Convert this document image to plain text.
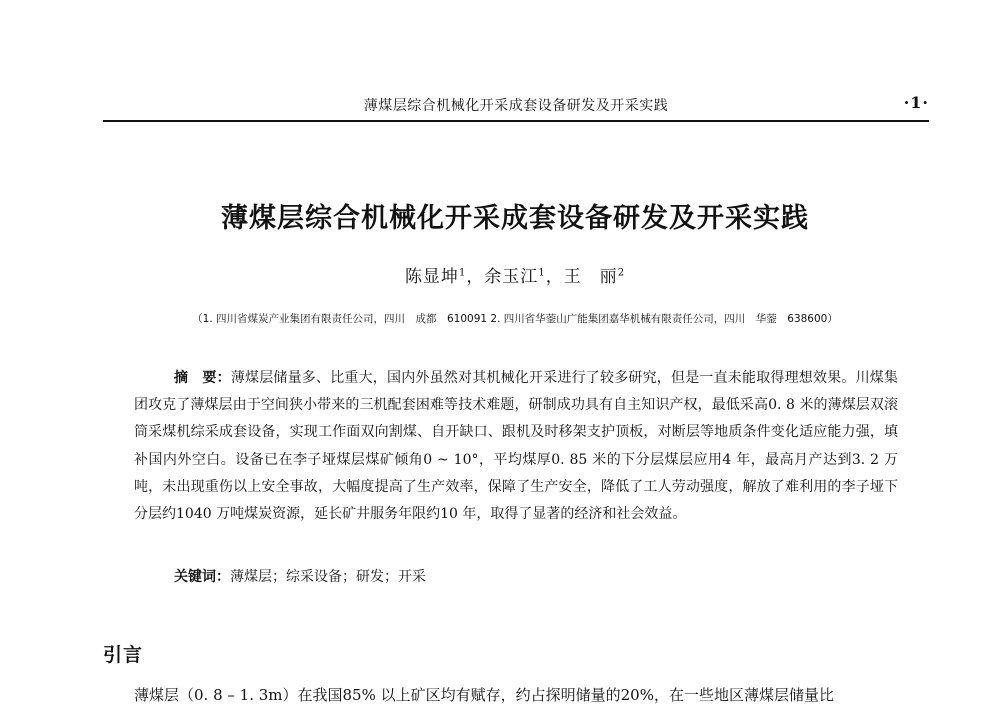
薄煤层综合机械化开采成套设备研发及开采实践	·1·
薄煤层综合机械化开采成套设备研发及开采实践
陈显坤$^1$，余玉江$^1$，王　丽$^2$
（1. 四川省煤炭产业集团有限责任公司，四川　成都　610091 2. 四川省华蓥山广能集团嘉华机械有限责任公司，四川　华蓥　638600）

摘　要：薄煤层储量多、比重大，国内外虽然对其机械化开采进行了较多研究，但是一直未能取得理想效果。川煤集团攻克了薄煤层由于空间狭小带来的三机配套困难等技术难题，研制成功具有自主知识产权，最低采高0. 8 米的薄煤层双滚筒采煤机综采成套设备，实现工作面双向割煤、自开缺口、跟机及时移架支护顶板，对断层等地质条件变化适应能力强，填补国内外空白。设备已在李子垭煤层煤矿倾角0 ~ 10°，平均煤厚0. 85 米的下分层煤层应用4 年，最高月产达到3. 2 万吨，未出现重伤以上安全事故，大幅度提高了生产效率，保障了生产安全，降低了工人劳动强度，解放了难利用的李子垭下分层约1040 万吨煤炭资源，延长矿井服务年限约10 年，取得了显著的经济和社会效益。

关键词：薄煤层；综采设备；研发；开采
引言
薄煤层（0. 8 – 1. 3m）在我国85% 以上矿区均有赋存，约占探明储量的20%，在一些地区薄煤层储量比
